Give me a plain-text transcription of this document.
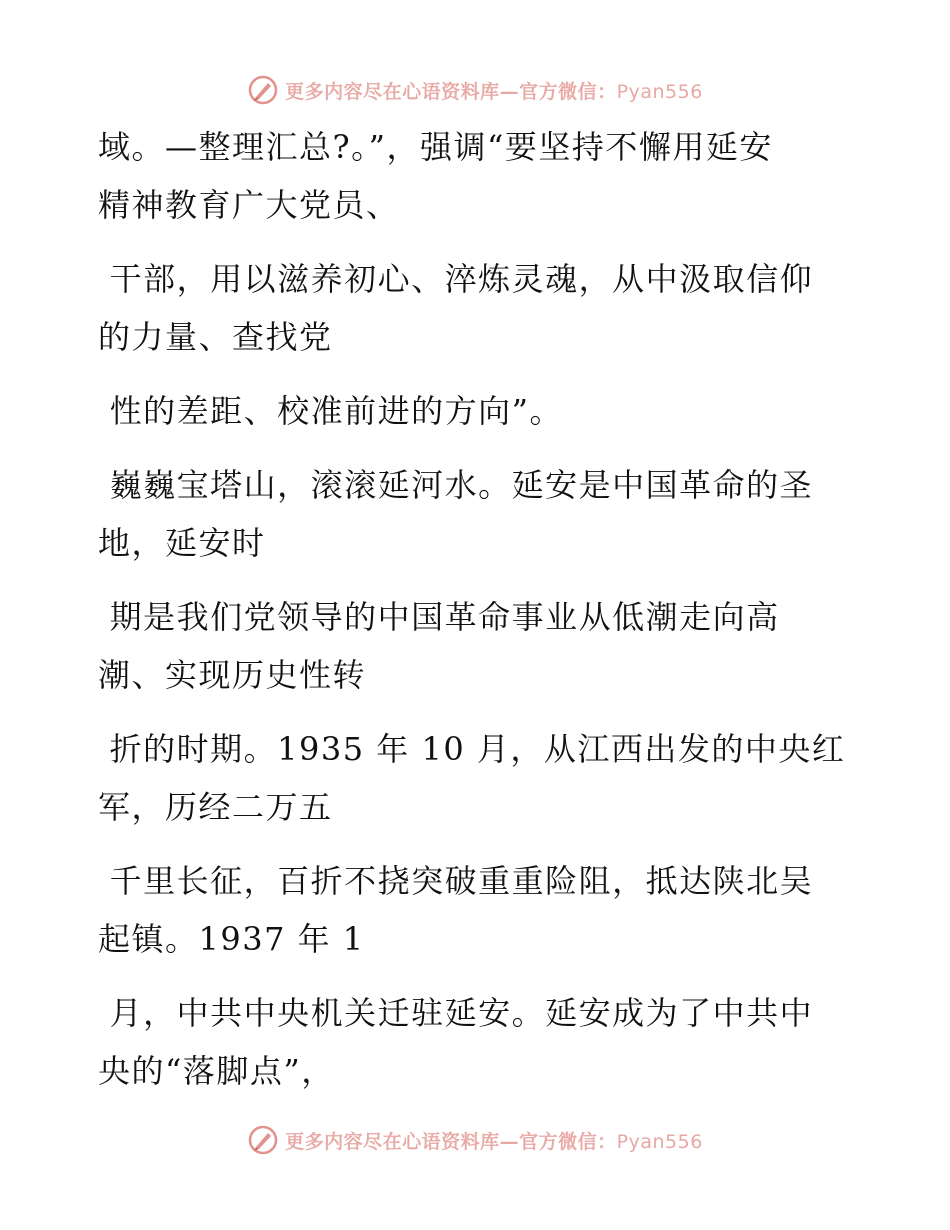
更多内容尽在心语资料库—官方微信：Pyan556
域。—整理汇总?。”，强调“要坚持不懈用延安
精神教育广大党员、
干部，用以滋养初心、淬炼灵魂，从中汲取信仰
的力量、查找党
性的差距、校准前进的方向”。
巍巍宝塔山，滚滚延河水。延安是中国革命的圣
地，延安时
期是我们党领导的中国革命事业从低潮走向高
潮、实现历史性转
折的时期。1935 年 10 月，从江西出发的中央红
军，历经二万五
千里长征，百折不挠突破重重险阻，抵达陕北吴
起镇。1937 年 1
月，中共中央机关迁驻延安。延安成为了中共中
央的“落脚点”，
更多内容尽在心语资料库—官方微信：Pyan556
